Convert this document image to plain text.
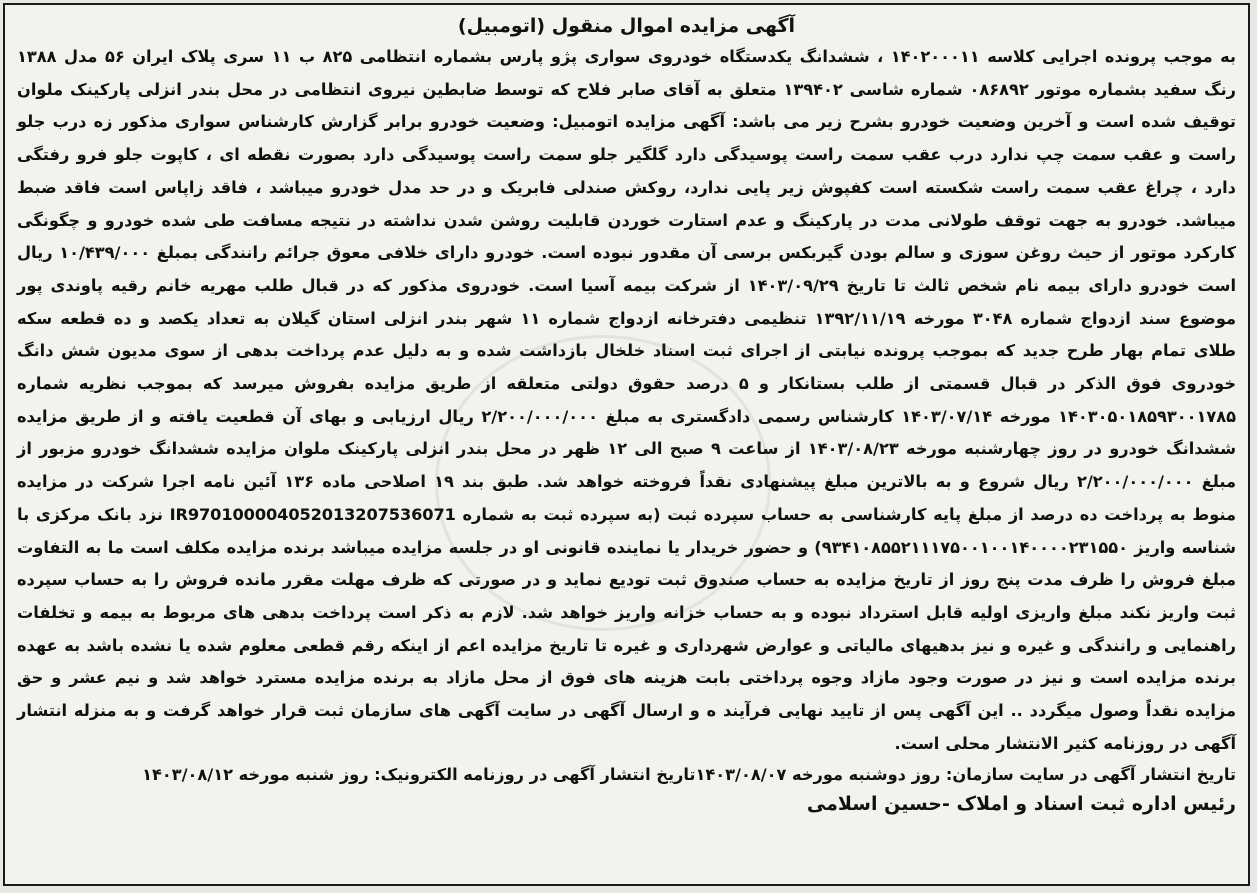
آگهی مزایده اموال منقول (اتومبیل)
به موجب پرونده اجرایی کلاسه ۱۴۰۲۰۰۰۱۱ ، ششدانگ یکدستگاه خودروی سواری پژو پارس بشماره انتظامی ۸۲۵ ب ۱۱ سری پلاک ایران ۵۶ مدل ۱۳۸۸ رنگ سفید بشماره موتور ۰۸۶۸۹۲ شماره شاسی ۱۳۹۴۰۲ متعلق به آقای صابر فلاح که توسط ضابطین نیروی انتظامی در محل بندر انزلی پارکینک ملوان توقیف شده است و آخرین وضعیت خودرو بشرح زیر می باشد: آگهی مزایده اتومبیل: وضعیت خودرو برابر گزارش کارشناس سواری مذکور زه درب جلو راست و عقب سمت چپ ندارد درب عقب سمت راست پوسیدگی دارد گلگیر جلو سمت راست پوسیدگی دارد بصورت نقطه ای ، کاپوت جلو فرو رفتگی دارد ، چراغ عقب سمت راست شکسته است کفپوش زیر پایی ندارد، روکش صندلی فابریک و در حد مدل خودرو میباشد ، فاقد زاپاس است فاقد ضبط میباشد. خودرو به جهت توقف طولانی مدت در پارکینگ و عدم استارت خوردن قابلیت روشن شدن نداشته در نتیجه مسافت طی شده خودرو و چگونگی کارکرد موتور از حیث روغن سوزی و سالم بودن گیربکس برسی آن مقدور نبوده است. خودرو دارای خلافی معوق جرائم رانندگی بمبلغ ۱۰/۴۳۹/۰۰۰ ریال است خودرو دارای بیمه نام شخص ثالث تا تاریخ ۱۴۰۳/۰۹/۲۹ از شرکت بیمه آسیا است. خودروی مذکور که در قبال طلب مهریه خانم رقیه پاوندی پور موضوع سند ازدواج شماره ۳۰۴۸ مورخه ۱۳۹۲/۱۱/۱۹ تنظیمی دفترخانه ازدواج شماره ۱۱ شهر بندر انزلی استان گیلان به تعداد یکصد و ده قطعه سکه طلای تمام بهار طرح جدید که بموجب پرونده نیابتی از اجرای ثبت اسناد خلخال بازداشت شده و به دلیل عدم پرداخت بدهی از سوی مدیون شش دانگ خودروی فوق الذکر در قبال قسمتی از طلب بستانکار و ۵ درصد حقوق دولتی متعلقه از طریق مزایده بفروش میرسد که بموجب نظریه شماره ۱۴۰۳۰۵۰۱۸۵۹۳۰۰۱۷۸۵ مورخه ۱۴۰۳/۰۷/۱۴ کارشناس رسمی دادگستری به مبلغ ۲/۲۰۰/۰۰۰/۰۰۰ ریال ارزیابی و بهای آن قطعیت یافته و از طریق مزایده ششدانگ خودرو در روز چهارشنبه مورخه ۱۴۰۳/۰۸/۲۳ از ساعت ۹ صبح الی ۱۲ ظهر در محل بندر انزلی پارکینک ملوان مزایده ششدانگ خودرو مزبور از مبلغ ۲/۲۰۰/۰۰۰/۰۰۰ ریال شروع و به بالاترین مبلغ پیشنهادی نقداً فروخته خواهد شد. طبق بند ۱۹ اصلاحی ماده ۱۳۶ آئین نامه اجرا شرکت در مزایده منوط به پرداخت ده درصد از مبلغ پایه کارشناسی به حساب سپرده ثبت (به سپرده ثبت به شماره IR970100004052013207536071 نزد بانک مرکزی با شناسه واریز ۹۳۴۱۰۸۵۵۲۱۱۱۷۵۰۰۱۰۰۱۴۰۰۰۰۲۳۱۵۵۰) و حضور خریدار یا نماینده قانونی او در جلسه مزایده میباشد برنده مزایده مکلف است ما به التفاوت مبلغ فروش را ظرف مدت پنج روز از تاریخ مزایده به حساب صندوق ثبت تودیع نماید و در صورتی که ظرف مهلت مقرر مانده فروش را به حساب سپرده ثبت واریز نکند مبلغ واریزی اولیه قابل استرداد نبوده و به حساب خزانه واریز خواهد شد. لازم به ذکر است پرداخت بدهی های مربوط به بیمه و تخلفات راهنمایی و رانندگی و غیره و نیز بدهیهای مالیاتی و عوارض شهرداری و غیره تا تاریخ مزایده اعم از اینکه رقم قطعی معلوم شده یا نشده باشد به عهده برنده مزایده است و نیز در صورت وجود مازاد وجوه پرداختی بابت هزینه های فوق از محل مازاد به برنده مزایده مسترد خواهد شد و نیم عشر و حق مزایده نقداً وصول میگردد .. این آگهی پس از تایید نهایی فرآیند ه و ارسال آگهی در سایت آگهی های سازمان ثبت قرار خواهد گرفت و به منزله انتشار آگهی در روزنامه کثیر الانتشار محلی است.
تاریخ انتشار آگهی در سایت سازمان: روز دوشنبه مورخه ۱۴۰۳/۰۸/۰۷تاریخ انتشار آگهی در روزنامه الکترونیک: روز شنبه مورخه ۱۴۰۳/۰۸/۱۲
رئیس اداره ثبت اسناد و املاک -حسین اسلامی
